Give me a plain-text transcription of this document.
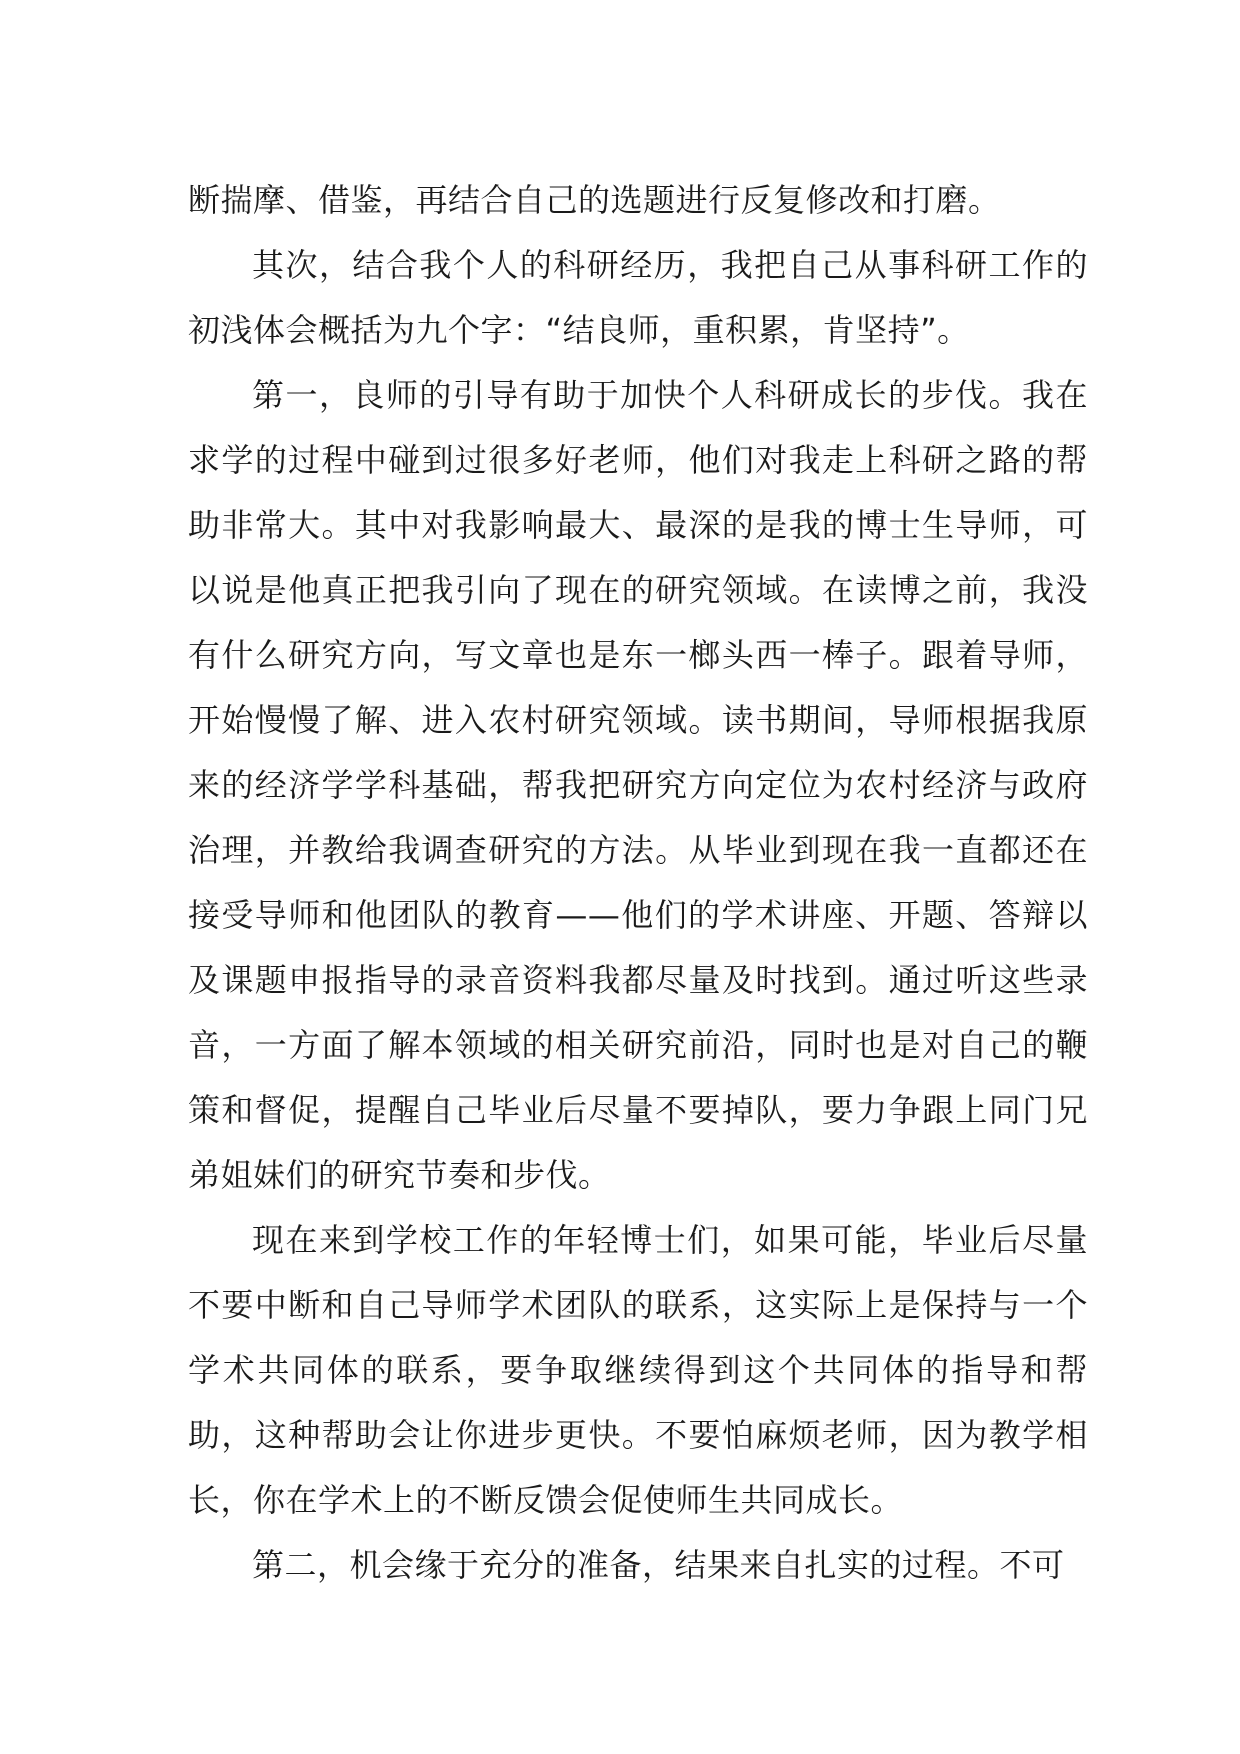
断揣摩、借鉴，再结合自己的选题进行反复修改和打磨。

其次，结合我个人的科研经历，我把自己从事科研工作的初浅体会概括为九个字：“结良师，重积累，肯坚持”。

第一，良师的引导有助于加快个人科研成长的步伐。我在求学的过程中碰到过很多好老师，他们对我走上科研之路的帮助非常大。其中对我影响最大、最深的是我的博士生导师，可以说是他真正把我引向了现在的研究领域。在读博之前，我没有什么研究方向，写文章也是东一榔头西一棒子。跟着导师，开始慢慢了解、进入农村研究领域。读书期间，导师根据我原来的经济学学科基础，帮我把研究方向定位为农村经济与政府治理，并教给我调查研究的方法。从毕业到现在我一直都还在接受导师和他团队的教育——他们的学术讲座、开题、答辩以及课题申报指导的录音资料我都尽量及时找到。通过听这些录音，一方面了解本领域的相关研究前沿，同时也是对自己的鞭策和督促，提醒自己毕业后尽量不要掉队，要力争跟上同门兄弟姐妹们的研究节奏和步伐。

现在来到学校工作的年轻博士们，如果可能，毕业后尽量不要中断和自己导师学术团队的联系，这实际上是保持与一个学术共同体的联系，要争取继续得到这个共同体的指导和帮助，这种帮助会让你进步更快。不要怕麻烦老师，因为教学相长，你在学术上的不断反馈会促使师生共同成长。

第二，机会缘于充分的准备，结果来自扎实的过程。不可
